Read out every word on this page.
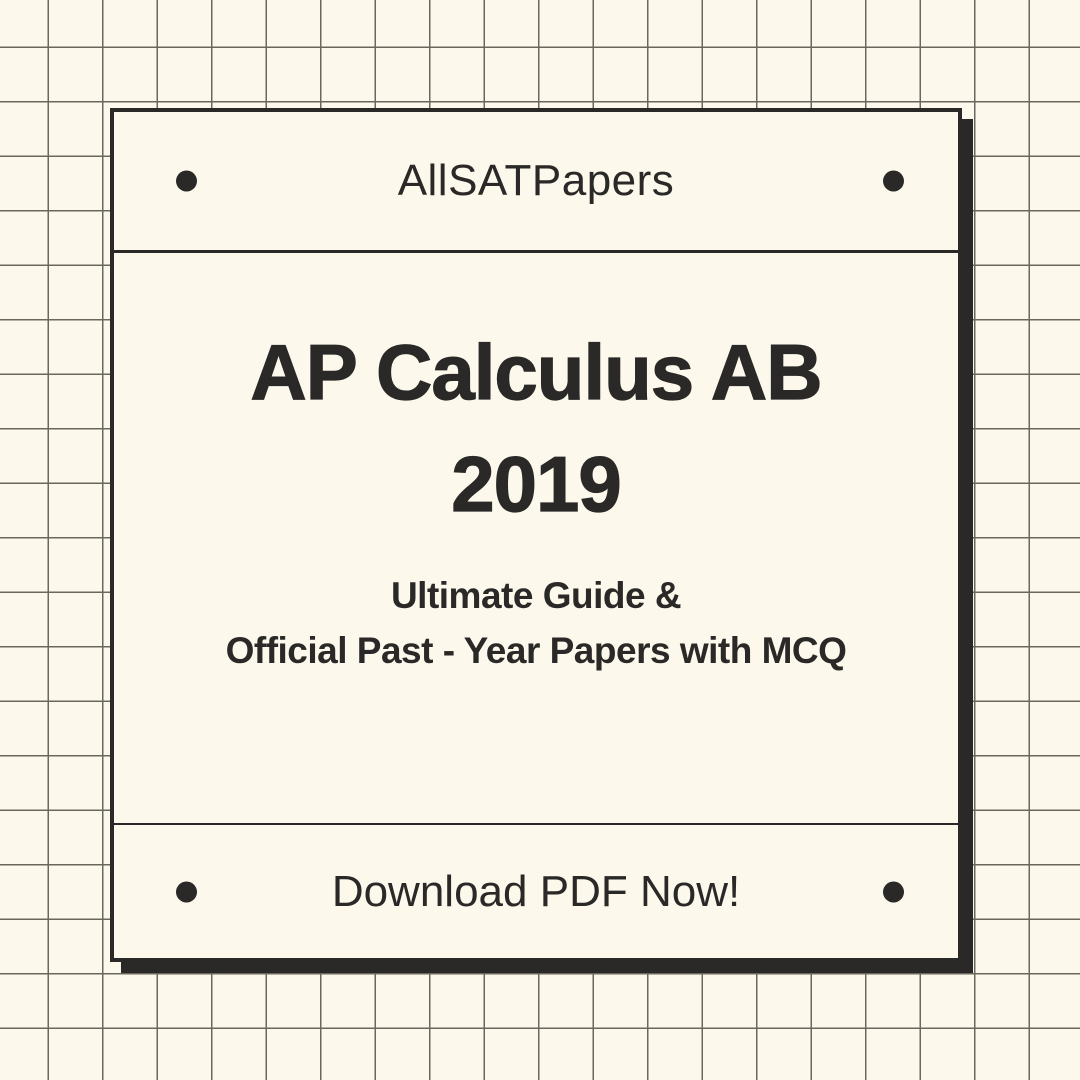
AllSATPapers
AP Calculus AB
2019
Ultimate Guide &
Official Past - Year Papers with MCQ
Download PDF Now!
